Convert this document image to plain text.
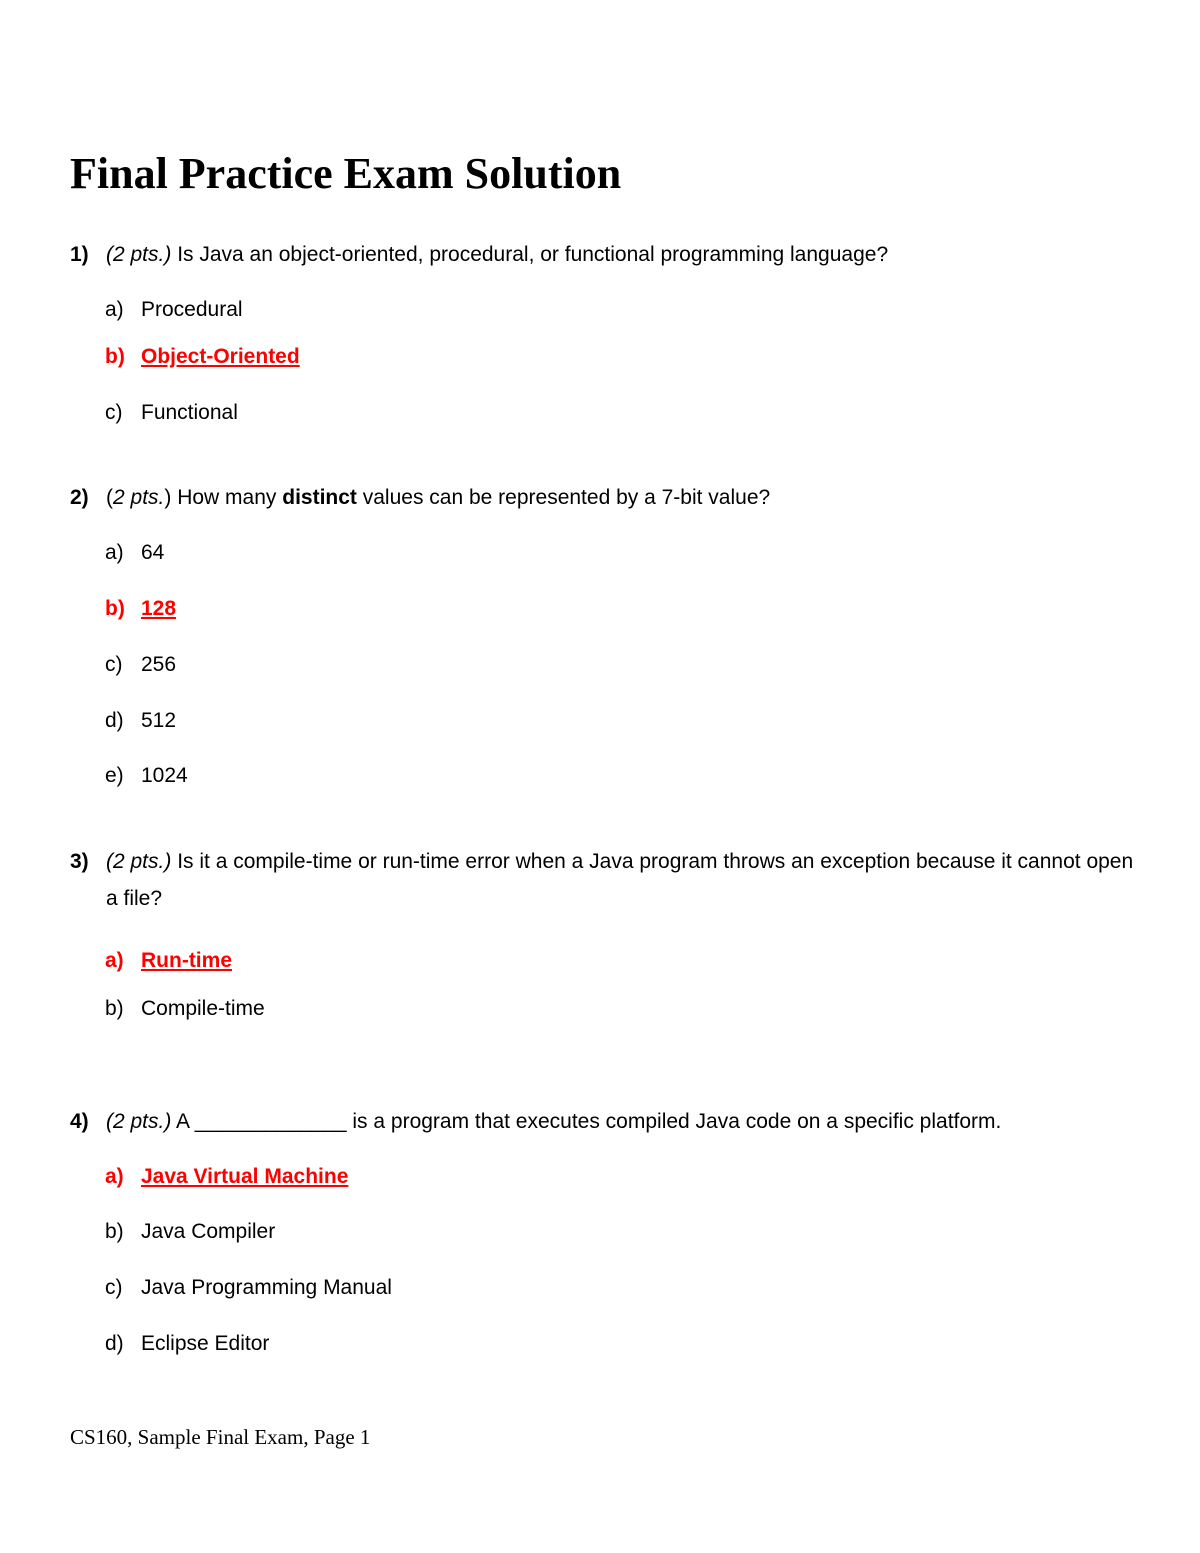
Final Practice Exam Solution
1) (2 pts.) Is Java an object-oriented, procedural, or functional programming language?
a) Procedural
b) Object-Oriented
c) Functional
2) (2 pts.) How many distinct values can be represented by a 7-bit value?
a) 64
b) 128
c) 256
d) 512
e) 1024
3) (2 pts.) Is it a compile-time or run-time error when a Java program throws an exception because it cannot open a file?
a) Run-time
b) Compile-time
4) (2 pts.) A _____________ is a program that executes compiled Java code on a specific platform.
a) Java Virtual Machine
b) Java Compiler
c) Java Programming Manual
d) Eclipse Editor
CS160, Sample Final Exam, Page 1
